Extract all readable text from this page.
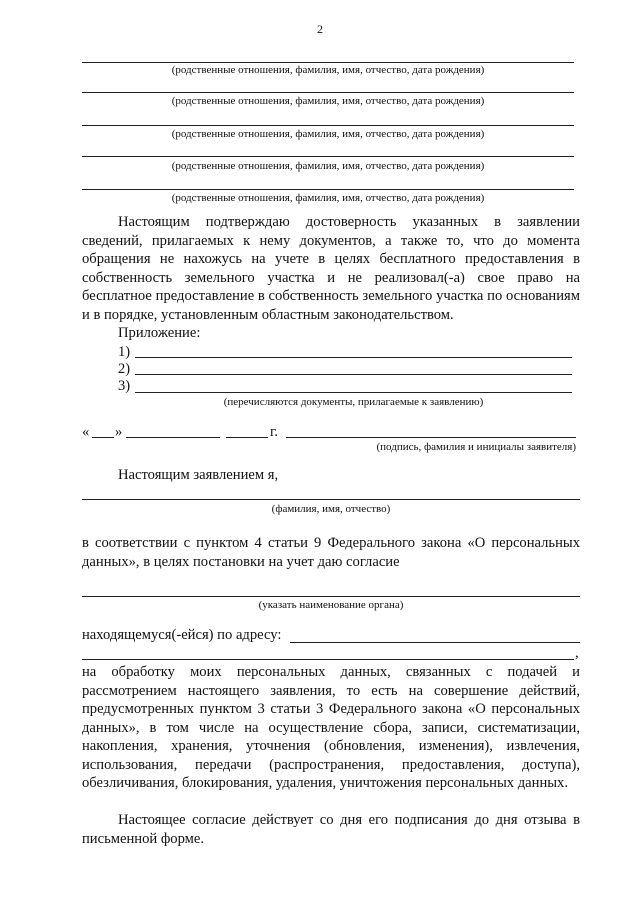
2
(родственные отношения, фамилия, имя, отчество, дата рождения)
(родственные отношения, фамилия, имя, отчество, дата рождения)
(родственные отношения, фамилия, имя, отчество, дата рождения)
(родственные отношения, фамилия, имя, отчество, дата рождения)
(родственные отношения, фамилия, имя, отчество, дата рождения)
Настоящим подтверждаю достоверность указанных в заявлении сведений, прилагаемых к нему документов, а также то, что до момента обращения не нахожусь на учете в целях бесплатного предоставления в собственность земельного участка и не реализовал(-а) свое право на бесплатное предоставление в собственность земельного участка по основаниям и в порядке, установленным областным законодательством.
Приложение:
1)
2)
3)
(перечисляются документы, прилагаемые к заявлению)
« »	г.
(подпись, фамилия и инициалы заявителя)
Настоящим заявлением я,
(фамилия, имя, отчество)
в соответствии с пунктом 4 статьи 9 Федерального закона «О персональных данных», в целях постановки на учет даю согласие
(указать наименование органа)
находящемуся(-ейся) по адресу:
,
на обработку моих персональных данных, связанных с подачей и рассмотрением настоящего заявления, то есть на совершение действий, предусмотренных пунктом 3 статьи 3 Федерального закона «О персональных данных», в том числе на осуществление сбора, записи, систематизации, накопления, хранения, уточнения (обновления, изменения), извлечения, использования, передачи (распространения, предоставления, доступа), обезличивания, блокирования, удаления, уничтожения персональных данных.
Настоящее согласие действует со дня его подписания до дня отзыва в письменной форме.
